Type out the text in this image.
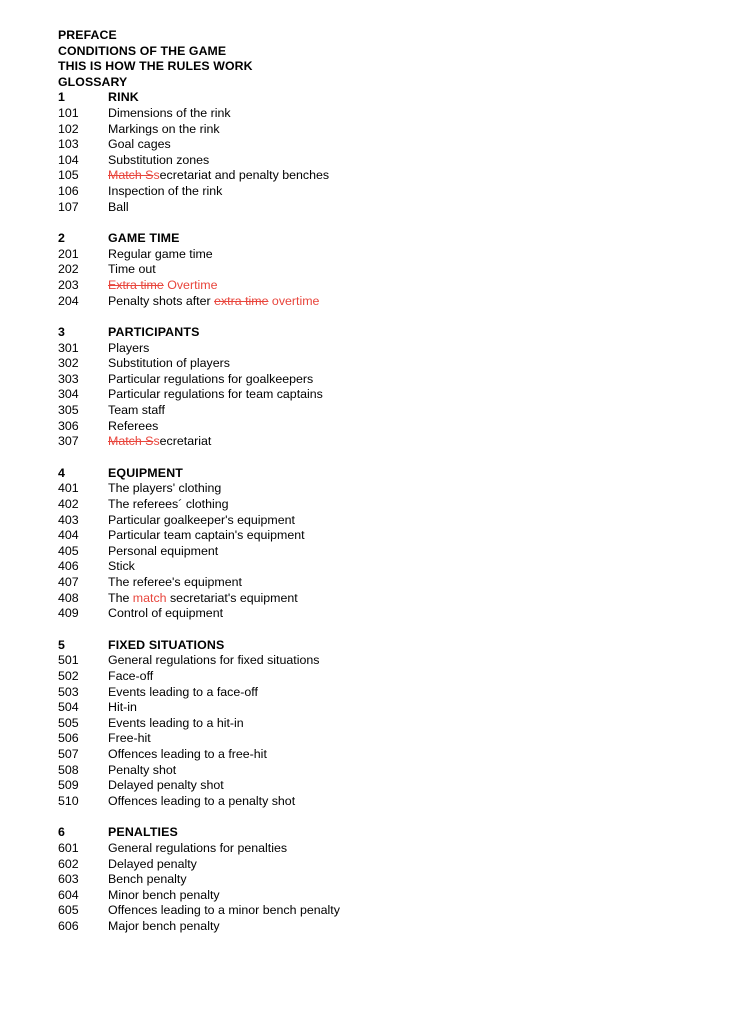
PREFACE
CONDITIONS OF THE GAME
THIS IS HOW THE RULES WORK
GLOSSARY
1	RINK
101	Dimensions of the rink
102	Markings on the rink
103	Goal cages
104	Substitution zones
105	Match Ssecretariat and penalty benches
106	Inspection of the rink
107	Ball
2	GAME TIME
201	Regular game time
202	Time out
203	Extra time Overtime
204	Penalty shots after extra time overtime
3	PARTICIPANTS
301	Players
302	Substitution of players
303	Particular regulations for goalkeepers
304	Particular regulations for team captains
305	Team staff
306	Referees
307	Match Ssecretariat
4	EQUIPMENT
401	The players' clothing
402	The referees´ clothing
403	Particular goalkeeper's equipment
404	Particular team captain's equipment
405	Personal equipment
406	Stick
407	The referee's equipment
408	The match secretariat's equipment
409	Control of equipment
5	FIXED SITUATIONS
501	General regulations for fixed situations
502	Face-off
503	Events leading to a face-off
504	Hit-in
505	Events leading to a hit-in
506	Free-hit
507	Offences leading to a free-hit
508	Penalty shot
509	Delayed penalty shot
510	Offences leading to a penalty shot
6	PENALTIES
601	General regulations for penalties
602	Delayed penalty
603	Bench penalty
604	Minor bench penalty
605	Offences leading to a minor bench penalty
606	Major bench penalty
